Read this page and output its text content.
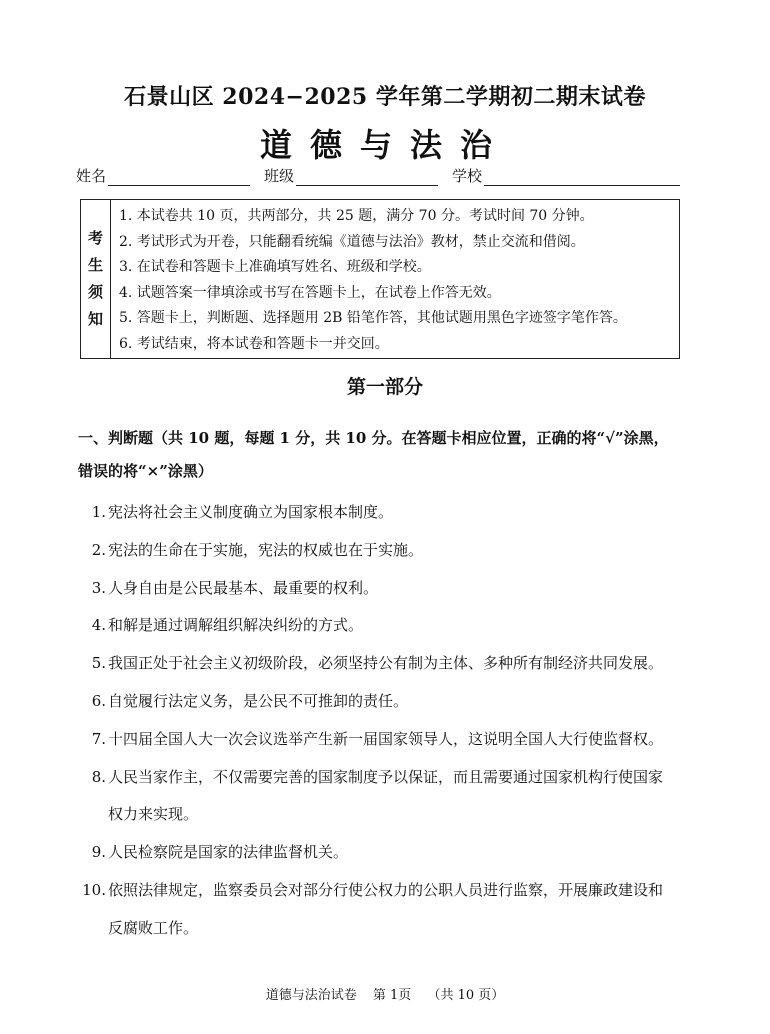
石景山区 2024−2025 学年第二学期初二期末试卷
道德与法治
姓名	班级	学校
考
生
须
知
1. 本试卷共 10 页，共两部分，共 25 题，满分 70 分。考试时间 70 分钟。
2. 考试形式为开卷，只能翻看统编《道德与法治》教材，禁止交流和借阅。
3. 在试卷和答题卡上准确填写姓名、班级和学校。
4. 试题答案一律填涂或书写在答题卡上，在试卷上作答无效。
5. 答题卡上，判断题、选择题用 2B 铅笔作答，其他试题用黑色字迹签字笔作答。
6. 考试结束，将本试卷和答题卡一并交回。
第一部分
一、判断题（共 10 题，每题 1 分，共 10 分。在答题卡相应位置，正确的将“√”涂黑，
错误的将“×”涂黑）
1. 宪法将社会主义制度确立为国家根本制度。
2. 宪法的生命在于实施，宪法的权威也在于实施。
3. 人身自由是公民最基本、最重要的权利。
4. 和解是通过调解组织解决纠纷的方式。
5. 我国正处于社会主义初级阶段，必须坚持公有制为主体、多种所有制经济共同发展。
6. 自觉履行法定义务，是公民不可推卸的责任。
7. 十四届全国人大一次会议选举产生新一届国家领导人，这说明全国人大行使监督权。
8. 人民当家作主，不仅需要完善的国家制度予以保证，而且需要通过国家机构行使国家
权力来实现。
9. 人民检察院是国家的法律监督机关。
10. 依照法律规定，监察委员会对部分行使公权力的公职人员进行监察，开展廉政建设和
反腐败工作。
道德与法治试卷 第 1页 （共 10 页）
